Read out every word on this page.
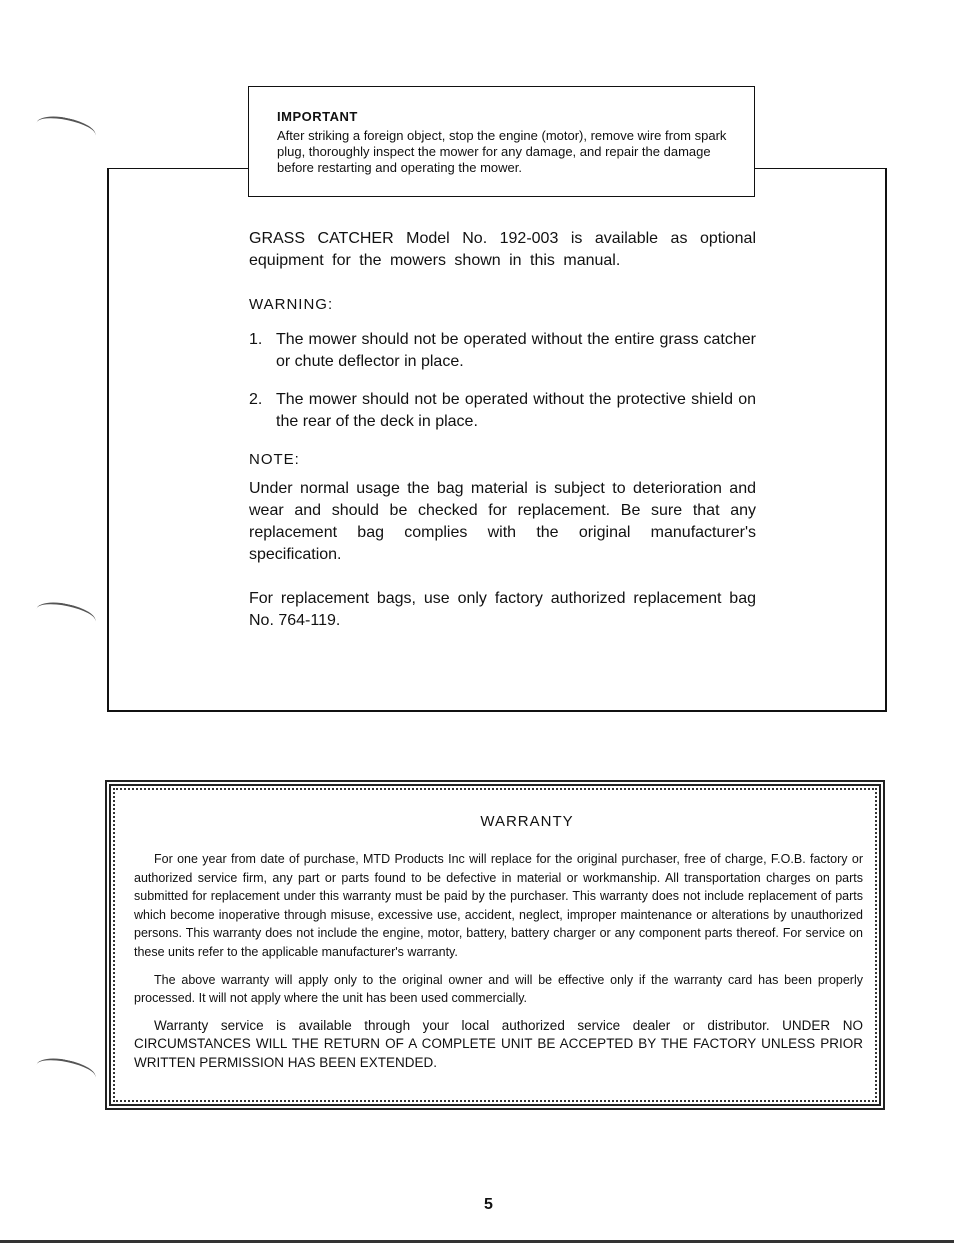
IMPORTANT
After striking a foreign object, stop the engine (motor), remove wire from spark plug, thoroughly inspect the mower for any damage, and repair the damage before restarting and operating the mower.

GRASS CATCHER Model No. 192-003 is available as optional equipment for the mowers shown in this manual.

WARNING:
1. The mower should not be operated without the entire grass catcher or chute deflector in place.
2. The mower should not be operated without the protective shield on the rear of the deck in place.
NOTE:

Under normal usage the bag material is subject to deterioration and wear and should be checked for replacement. Be sure that any replacement bag complies with the original manufacturer's specification.

For replacement bags, use only factory authorized replacement bag No. 764-119.

WARRANTY

For one year from date of purchase, MTD Products Inc will replace for the original purchaser, free of charge, F.O.B. factory or authorized service firm, any part or parts found to be defective in material or workmanship. All transportation charges on parts submitted for replacement under this warranty must be paid by the purchaser. This warranty does not include replacement of parts which become inoperative through misuse, excessive use, accident, neglect, improper maintenance or alterations by unauthorized persons. This warranty does not include the engine, motor, battery, battery charger or any component parts thereof. For service on these units refer to the applicable manufacturer's warranty.

The above warranty will apply only to the original owner and will be effective only if the warranty card has been properly processed. It will not apply where the unit has been used commercially.

Warranty service is available through your local authorized service dealer or distributor. UNDER NO CIRCUMSTANCES WILL THE RETURN OF A COMPLETE UNIT BE ACCEPTED BY THE FACTORY UNLESS PRIOR WRITTEN PERMISSION HAS BEEN EXTENDED.

5
